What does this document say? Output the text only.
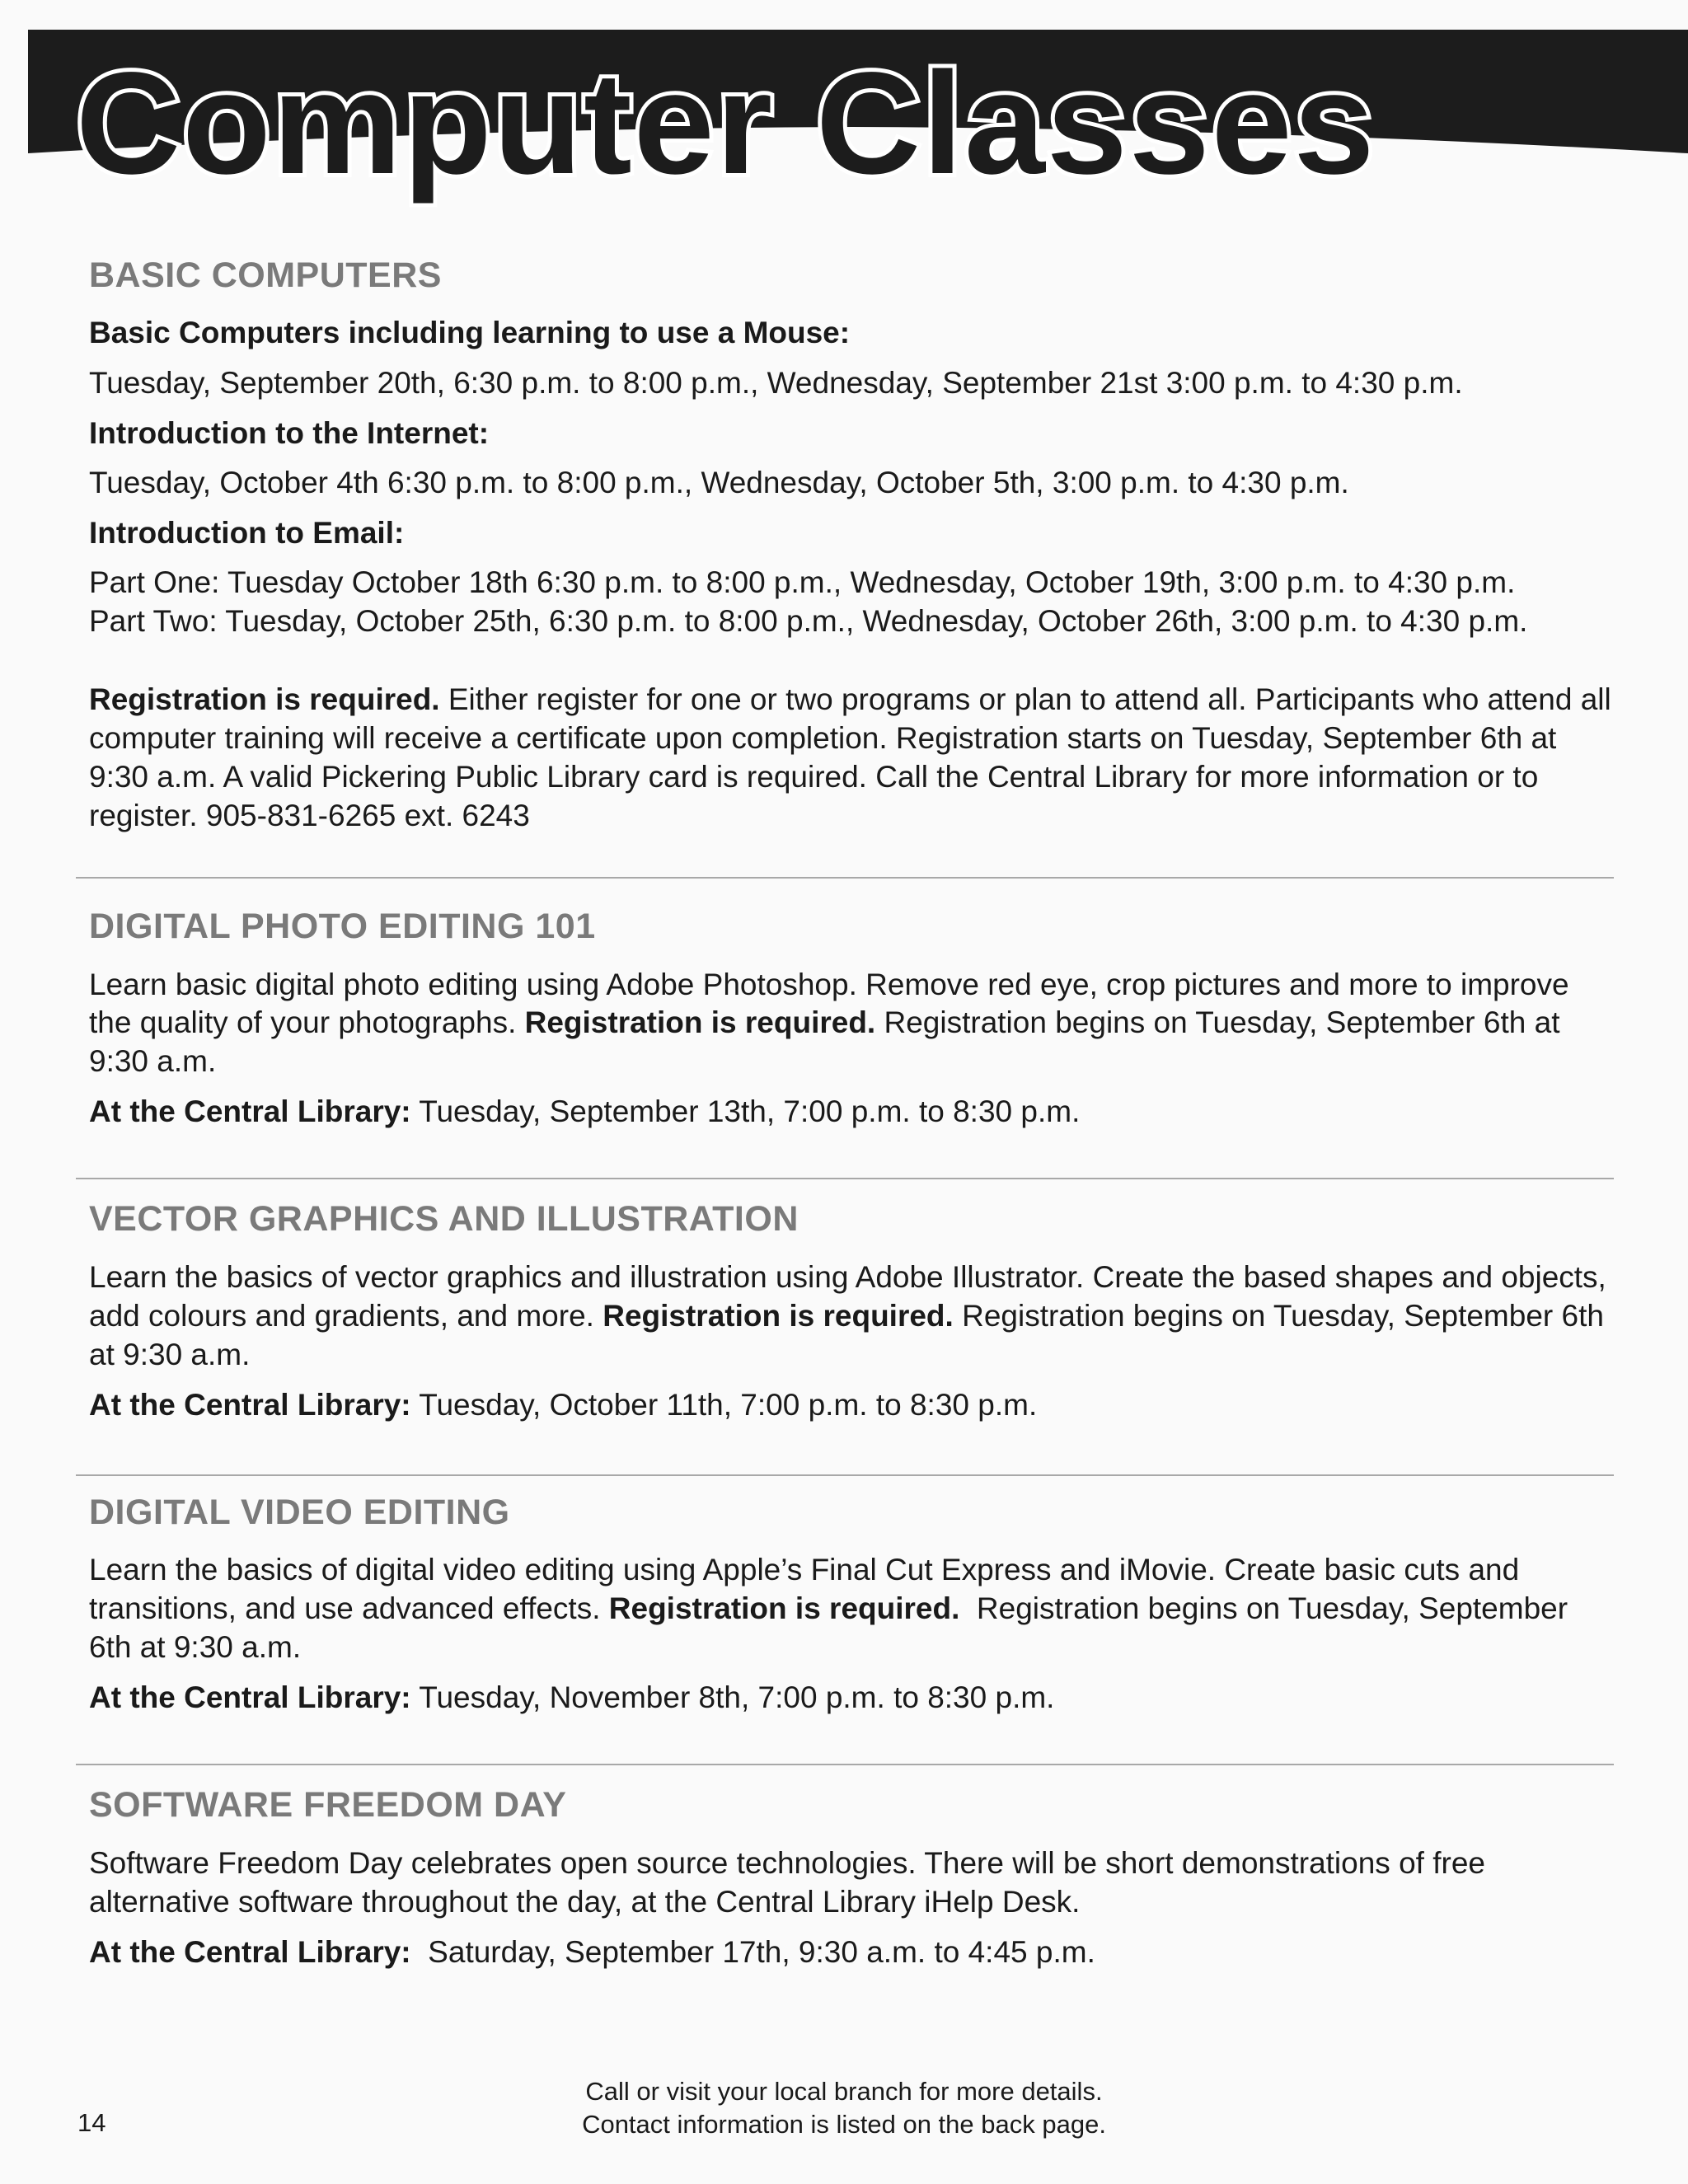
Computer Classes
BASIC COMPUTERS
Basic Computers including learning to use a Mouse:
Tuesday, September 20th, 6:30 p.m. to 8:00 p.m., Wednesday, September 21st 3:00 p.m. to 4:30 p.m.
Introduction to the Internet:
Tuesday, October 4th 6:30 p.m. to 8:00 p.m., Wednesday, October 5th, 3:00 p.m. to 4:30 p.m.
Introduction to Email:
Part One: Tuesday October 18th 6:30 p.m. to 8:00 p.m., Wednesday, October 19th, 3:00 p.m. to 4:30 p.m.
Part Two: Tuesday, October 25th, 6:30 p.m. to 8:00 p.m., Wednesday, October 26th, 3:00 p.m. to 4:30 p.m.
Registration is required. Either register for one or two programs or plan to attend all. Participants who attend all computer training will receive a certificate upon completion. Registration starts on Tuesday, September 6th at 9:30 a.m. A valid Pickering Public Library card is required. Call the Central Library for more information or to register. 905-831-6265 ext. 6243
DIGITAL PHOTO EDITING 101
Learn basic digital photo editing using Adobe Photoshop. Remove red eye, crop pictures and more to improve the quality of your photographs. Registration is required. Registration begins on Tuesday, September 6th at 9:30 a.m.
At the Central Library: Tuesday, September 13th, 7:00 p.m. to 8:30 p.m.
VECTOR GRAPHICS AND ILLUSTRATION
Learn the basics of vector graphics and illustration using Adobe Illustrator. Create the based shapes and objects, add colours and gradients, and more. Registration is required. Registration begins on Tuesday, September 6th at 9:30 a.m.
At the Central Library: Tuesday, October 11th, 7:00 p.m. to 8:30 p.m.
DIGITAL VIDEO EDITING
Learn the basics of digital video editing using Apple’s Final Cut Express and iMovie. Create basic cuts and transitions, and use advanced effects. Registration is required.  Registration begins on Tuesday, September 6th at 9:30 a.m.
At the Central Library: Tuesday, November 8th, 7:00 p.m. to 8:30 p.m.
SOFTWARE FREEDOM DAY
Software Freedom Day celebrates open source technologies. There will be short demonstrations of free alternative software throughout the day, at the Central Library iHelp Desk.
At the Central Library:  Saturday, September 17th, 9:30 a.m. to 4:45 p.m.
Call or visit your local branch for more details.
Contact information is listed on the back page.
14
